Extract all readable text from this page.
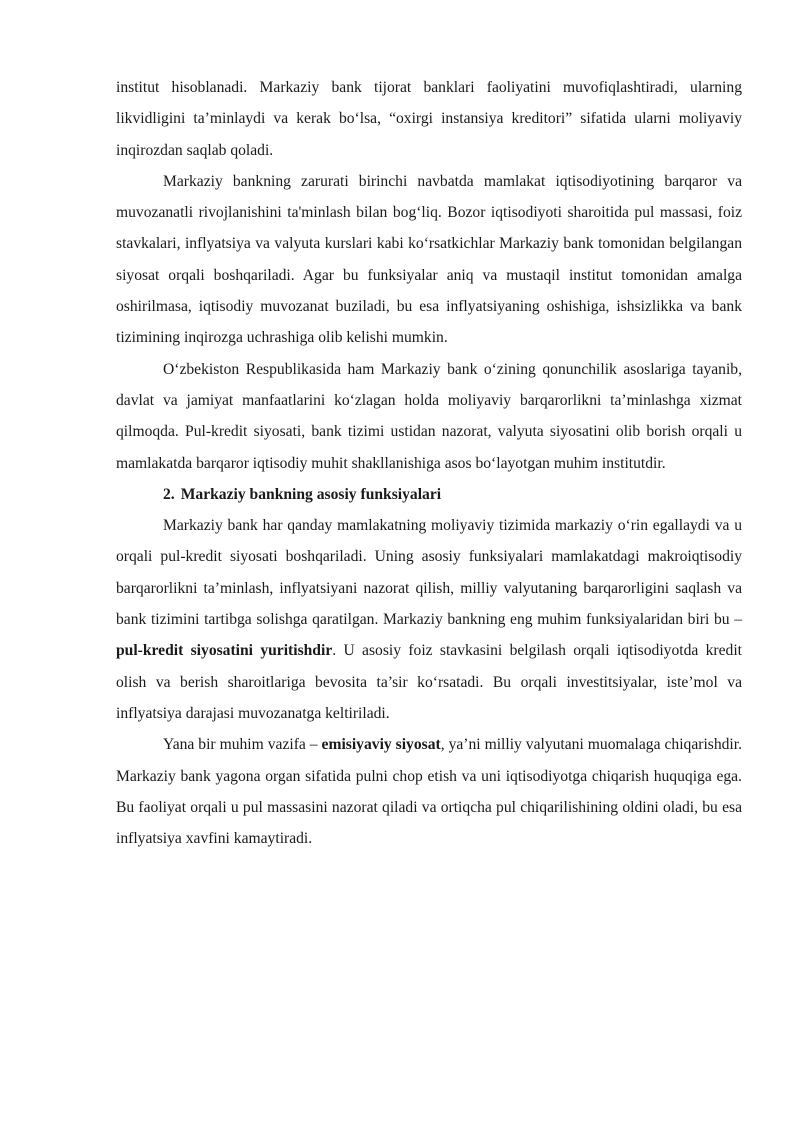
institut hisoblanadi. Markaziy bank tijorat banklari faoliyatini muvofiqlashtiradi, ularning likvidligini ta’minlaydi va kerak bo‘lsa, “oxirgi instansiya kreditori” sifatida ularni moliyaviy inqirozdan saqlab qoladi.

Markaziy bankning zarurati birinchi navbatda mamlakat iqtisodiyotining barqaror va muvozanatli rivojlanishini ta'minlash bilan bog‘liq. Bozor iqtisodiyoti sharoitida pul massasi, foiz stavkalari, inflyatsiya va valyuta kurslari kabi ko‘rsatkichlar Markaziy bank tomonidan belgilangan siyosat orqali boshqariladi. Agar bu funksiyalar aniq va mustaqil institut tomonidan amalga oshirilmasa, iqtisodiy muvozanat buziladi, bu esa inflyatsiyaning oshishiga, ishsizlikka va bank tizimining inqirozga uchrashiga olib kelishi mumkin.

O‘zbekiston Respublikasida ham Markaziy bank o‘zining qonunchilik asoslariga tayanib, davlat va jamiyat manfaatlarini ko‘zlagan holda moliyaviy barqarorlikni ta’minlashga xizmat qilmoqda. Pul-kredit siyosati, bank tizimi ustidan nazorat, valyuta siyosatini olib borish orqali u mamlakatda barqaror iqtisodiy muhit shakllanishiga asos bo‘layotgan muhim institutdir.

2. Markaziy bankning asosiy funksiyalari

Markaziy bank har qanday mamlakatning moliyaviy tizimida markaziy o‘rin egallaydi va u orqali pul-kredit siyosati boshqariladi. Uning asosiy funksiyalari mamlakatdagi makroiqtisodiy barqarorlikni ta’minlash, inflyatsiyani nazorat qilish, milliy valyutaning barqarorligini saqlash va bank tizimini tartibga solishga qaratilgan. Markaziy bankning eng muhim funksiyalaridan biri bu – pul-kredit siyosatini yuritishdir. U asosiy foiz stavkasini belgilash orqali iqtisodiyotda kredit olish va berish sharoitlariga bevosita ta’sir ko‘rsatadi. Bu orqali investitsiyalar, iste’mol va inflyatsiya darajasi muvozanatga keltiriladi.

Yana bir muhim vazifa – emisiyaviy siyosat, ya’ni milliy valyutani muomalaga chiqarishdir. Markaziy bank yagona organ sifatida pulni chop etish va uni iqtisodiyotga chiqarish huquqiga ega. Bu faoliyat orqali u pul massasini nazorat qiladi va ortiqcha pul chiqarilishining oldini oladi, bu esa inflyatsiya xavfini kamaytiradi.
